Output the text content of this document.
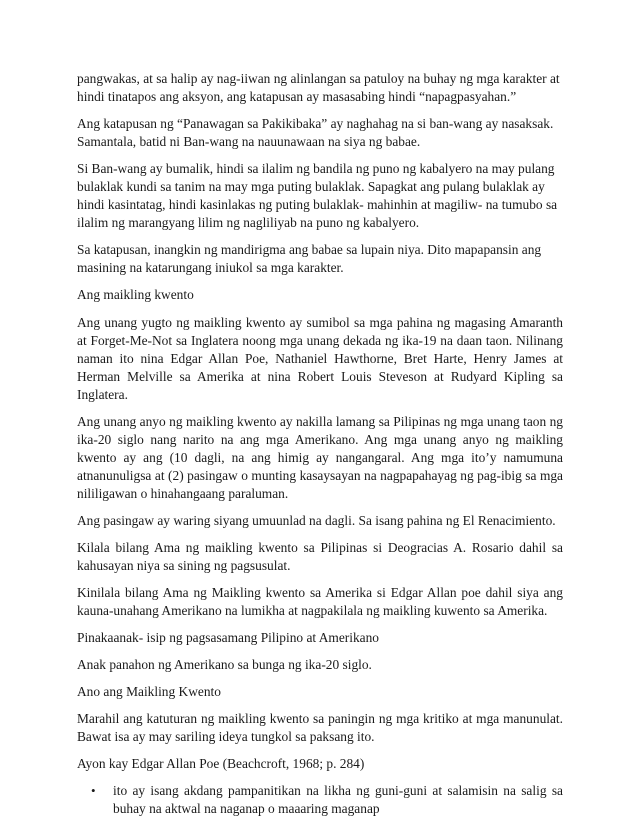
pangwakas, at sa halip ay nag-iiwan ng alinlangan sa patuloy na buhay ng mga karakter at hindi tinatapos ang aksyon, ang katapusan ay masasabing hindi “napagpasyahan.”

Ang katapusan ng “Panawagan sa Pakikibaka” ay naghahag na si ban-wang ay nasaksak. Samantala, batid ni Ban-wang na nauunawaan na siya ng babae.

Si Ban-wang ay bumalik, hindi sa ilalim ng bandila ng puno ng kabalyero na may pulang bulaklak kundi sa tanim na may mga puting bulaklak. Sapagkat ang pulang bulaklak ay hindi kasintatag, hindi kasinlakas ng puting bulaklak- mahinhin at magiliw- na tumubo sa ilalim ng marangyang lilim ng nagliliyab na puno ng kabalyero.

Sa katapusan, inangkin ng mandirigma ang babae sa lupain niya. Dito mapapansin ang masining na katarungang iniukol sa mga karakter.

Ang maikling kwento

Ang unang yugto ng maikling kwento ay sumibol sa mga pahina ng magasing Amaranth at Forget-Me-Not sa Inglatera noong mga unang dekada ng ika-19 na daan taon. Nilinang naman ito nina Edgar Allan Poe, Nathaniel Hawthorne, Bret Harte, Henry James at Herman Melville sa Amerika at nina Robert Louis Steveson at Rudyard Kipling sa Inglatera.

Ang unang anyo ng maikling kwento ay nakilla lamang sa Pilipinas ng mga unang taon ng ika-20 siglo nang narito na ang mga Amerikano. Ang mga unang anyo ng maikling kwento ay ang (10 dagli, na ang himig ay nangangaral. Ang mga ito’y namumuna atnanunuligsa at (2) pasingaw o munting kasaysayan na nagpapahayag ng pag-ibig sa mga nililigawan o hinahangaang paraluman.

Ang pasingaw ay waring siyang umuunlad na dagli. Sa isang pahina ng El Renacimiento.

Kilala bilang Ama ng maikling kwento sa Pilipinas si Deogracias A. Rosario dahil sa kahusayan niya sa sining ng pagsusulat.

Kinilala bilang Ama ng Maikling kwento sa Amerika si Edgar Allan poe dahil siya ang kauna-unahang Amerikano na lumikha at nagpakilala ng maikling kuwento sa Amerika.

Pinakaanak- isip ng pagsasamang Pilipino at Amerikano

Anak panahon ng Amerikano sa bunga ng ika-20 siglo.

Ano ang Maikling Kwento

Marahil ang katuturan ng maikling kwento sa paningin ng mga kritiko at mga manunulat. Bawat isa ay may sariling ideya tungkol sa paksang ito.

Ayon kay Edgar Allan Poe (Beachcroft, 1968; p. 284)

• ito ay isang akdang pampanitikan na likha ng guni-guni at salamisin na salig sa buhay na aktwal na naganap o maaaring maganap
